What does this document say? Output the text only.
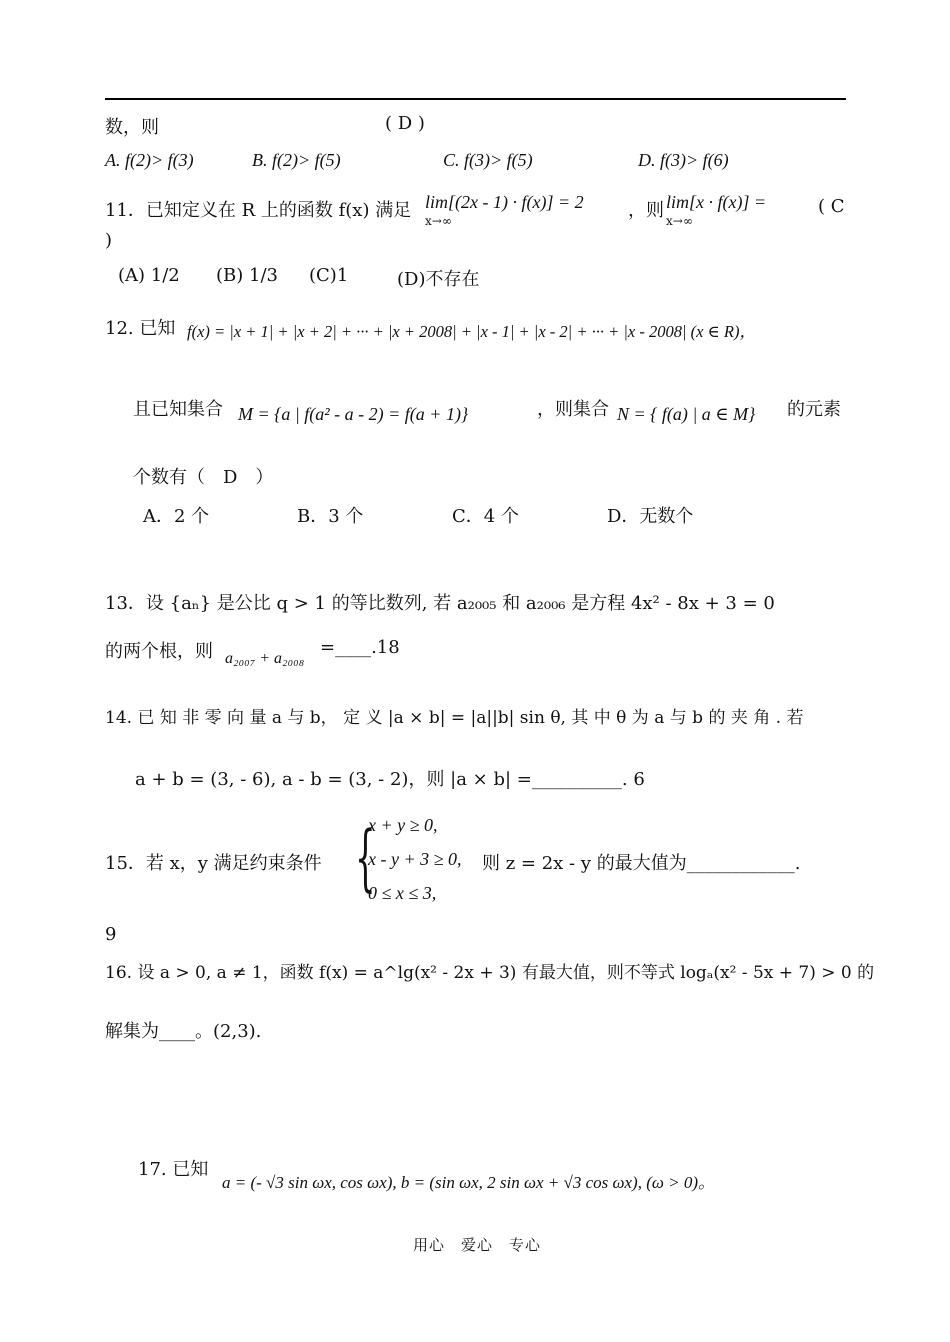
数，则	( D )
A. f(2)> f(3)	B. f(2)> f(5)	C. f(3)> f(5)	D. f(3)> f(6)
11．已知定义在 R 上的函数 f(x) 满足 lim[(2x - 1) · f(x)] = 2
x→∞	，则 lim[x · f(x)] =
x→∞
( C
)
(A) 1/2 (B) 1/3 (C)1	(D)不存在
12. 已知 f(x) = |x + 1| + |x + 2| + ··· + |x + 2008| + |x - 1| + |x - 2| + ··· + |x - 2008| (x ∈ R)，
且已知集合 M = {a | f(a² - a - 2) = f(a + 1)}	，则集合 N = { f(a) | a ∈ M} 的元素
个数有（　D　）
A．2 个	B．3 个	C．4 个	D．无数个
13．设 {aₙ} 是公比 q > 1 的等比数列, 若 a₂₀₀₅ 和 a₂₀₀₆ 是方程 4x² - 8x + 3 = 0
的两个根，则 a₂₀₀₇ + a₂₀₀₈
=____.18
14. 已 知 非 零 向 量 a 与 b， 定 义 |a × b| = |a||b| sin θ, 其 中 θ 为 a 与 b 的 夹 角 . 若
a + b = (3, - 6), a - b = (3, - 2)，则 |a × b| =__________. 6
15．若 x，y 满足约束条件 {
x + y ≥ 0,
x - y + 3 ≥ 0,
0 ≤ x ≤ 3,
则 z = 2x - y 的最大值为____________.
9
16. 设 a > 0, a ≠ 1，函数 f(x) = a^lg(x² - 2x + 3) 有最大值，则不等式 logₐ(x² - 5x + 7) > 0 的
解集为____。(2,3).
17. 已知
a = (- √3 sin ωx, cos ωx), b = (sin ωx, 2 sin ωx + √3 cos ωx), (ω > 0)。
用心　爱心　专心
